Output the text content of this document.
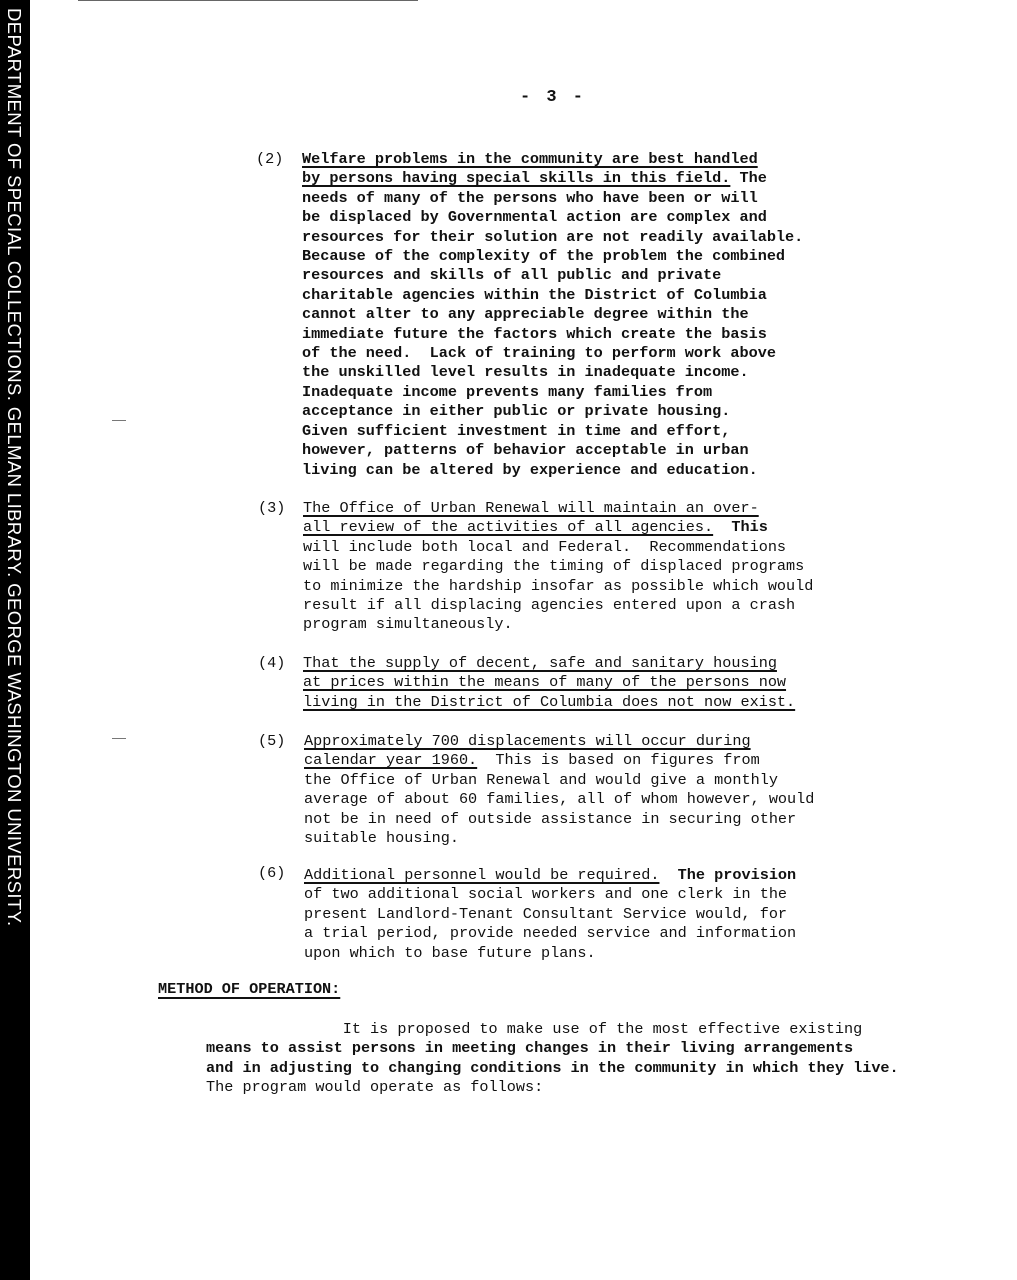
DEPARTMENT OF SPECIAL COLLECTIONS. GELMAN LIBRARY. GEORGE WASHINGTON UNIVERSITY.	- 3 -
(2)	Welfare problems in the community are best handled
by persons having special skills in this field. The
needs of many of the persons who have been or will
be displaced by Governmental action are complex and
resources for their solution are not readily available.
Because of the complexity of the problem the combined
resources and skills of all public and private
charitable agencies within the District of Columbia
cannot alter to any appreciable degree within the
immediate future the factors which create the basis
of the need.  Lack of training to perform work above
the unskilled level results in inadequate income.
Inadequate income prevents many families from
acceptance in either public or private housing.
Given sufficient investment in time and effort,
however, patterns of behavior acceptable in urban
living can be altered by experience and education.
(3)	The Office of Urban Renewal will maintain an over-
all review of the activities of all agencies.  This
will include both local and Federal.  Recommendations
will be made regarding the timing of displaced programs
to minimize the hardship insofar as possible which would
result if all displacing agencies entered upon a crash
program simultaneously.
(4)	That the supply of decent, safe and sanitary housing
at prices within the means of many of the persons now
living in the District of Columbia does not now exist.
(5)	Approximately 700 displacements will occur during
calendar year 1960.  This is based on figures from
the Office of Urban Renewal and would give a monthly
average of about 60 families, all of whom however, would
not be in need of outside assistance in securing other
suitable housing.
(6)	Additional personnel would be required.  The provision
of two additional social workers and one clerk in the
present Landlord-Tenant Consultant Service would, for
a trial period, provide needed service and information
upon which to base future plans.
METHOD OF OPERATION:
It is proposed to make use of the most effective existing
means to assist persons in meeting changes in their living arrangements
and in adjusting to changing conditions in the community in which they live.
The program would operate as follows:
